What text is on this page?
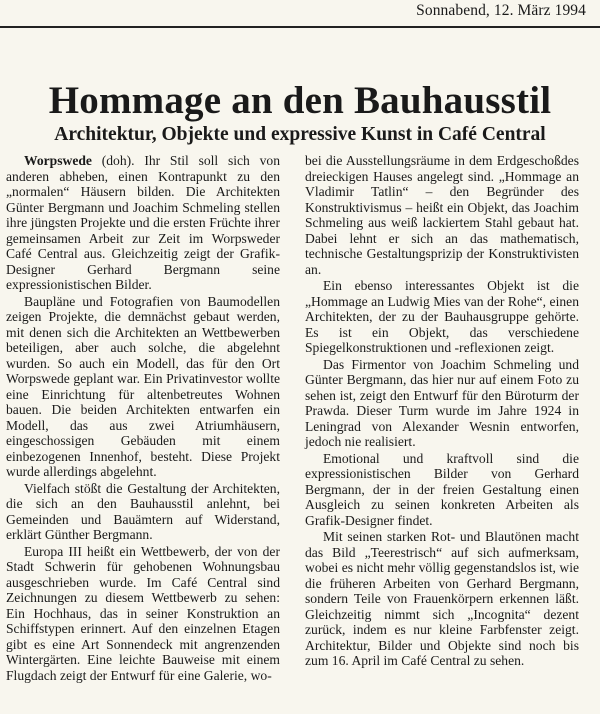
Sonnabend, 12. März 1994
Hommage an den Bauhausstil
Architektur, Objekte und expressive Kunst in Café Central

Worpswede (doh). Ihr Stil soll sich von anderen abheben, einen Kontrapunkt zu den „normalen“ Häusern bilden. Die Architekten Günter Bergmann und Joachim Schmeling stellen ihre jüngsten Projekte und die ersten Früchte ihrer gemeinsamen Arbeit zur Zeit im Worpsweder Café Central aus. Gleichzeitig zeigt der Grafik-Designer Gerhard Bergmann seine expressionistischen Bilder.

Baupläne und Fotografien von Baumodellen zeigen Projekte, die demnächst gebaut werden, mit denen sich die Architekten an Wettbewerben beteiligen, aber auch solche, die abgelehnt wurden. So auch ein Modell, das für den Ort Worpswede geplant war. Ein Privatinvestor wollte eine Einrichtung für altenbetreutes Wohnen bauen. Die beiden Architekten entwarfen ein Modell, das aus zwei Atriumhäusern, eingeschossigen Gebäuden mit einem einbezogenen Innenhof, besteht. Diese Projekt wurde allerdings abgelehnt.

Vielfach stößt die Gestaltung der Architekten, die sich an den Bauhausstil anlehnt, bei Gemeinden und Bauämtern auf Widerstand, erklärt Günther Bergmann.

Europa III heißt ein Wettbewerb, der von der Stadt Schwerin für gehobenen Wohnungsbau ausgeschrieben wurde. Im Café Central sind Zeichnungen zu diesem Wettbewerb zu sehen: Ein Hochhaus, das in seiner Konstruktion an Schiffstypen erinnert. Auf den einzelnen Etagen gibt es eine Art Sonnendeck mit angrenzenden Wintergärten. Eine leichte Bauweise mit einem Flugdach zeigt der Entwurf für eine Galerie, wo-

bei die Ausstellungsräume in dem Erdgeschoßdes dreieckigen Hauses angelegt sind. „Hommage an Vladimir Tatlin“ – den Begründer des Konstruktivismus – heißt ein Objekt, das Joachim Schmeling aus weiß lackiertem Stahl gebaut hat. Dabei lehnt er sich an das mathematisch, technische Gestaltungsprizip der Konstruktivisten an.

Ein ebenso interessantes Objekt ist die „Hommage an Ludwig Mies van der Rohe“, einen Architekten, der zu der Bauhausgruppe gehörte. Es ist ein Objekt, das verschiedene Spiegelkonstruktionen und -reflexionen zeigt.

Das Firmentor von Joachim Schmeling und Günter Bergmann, das hier nur auf einem Foto zu sehen ist, zeigt den Entwurf für den Büroturm der Prawda. Dieser Turm wurde im Jahre 1924 in Leningrad von Alexander Wesnin entworfen, jedoch nie realisiert.

Emotional und kraftvoll sind die expressionistischen Bilder von Gerhard Bergmann, der in der freien Gestaltung einen Ausgleich zu seinen konkreten Arbeiten als Grafik-Designer findet.

Mit seinen starken Rot- und Blautönen macht das Bild „Teerestrisch“ auf sich aufmerksam, wobei es nicht mehr völlig gegenstandslos ist, wie die früheren Arbeiten von Gerhard Bergmann, sondern Teile von Frauenkörpern erkennen läßt. Gleichzeitig nimmt sich „Incognita“ dezent zurück, indem es nur kleine Farbfenster zeigt. Architektur, Bilder und Objekte sind noch bis zum 16. April im Café Central zu sehen.
